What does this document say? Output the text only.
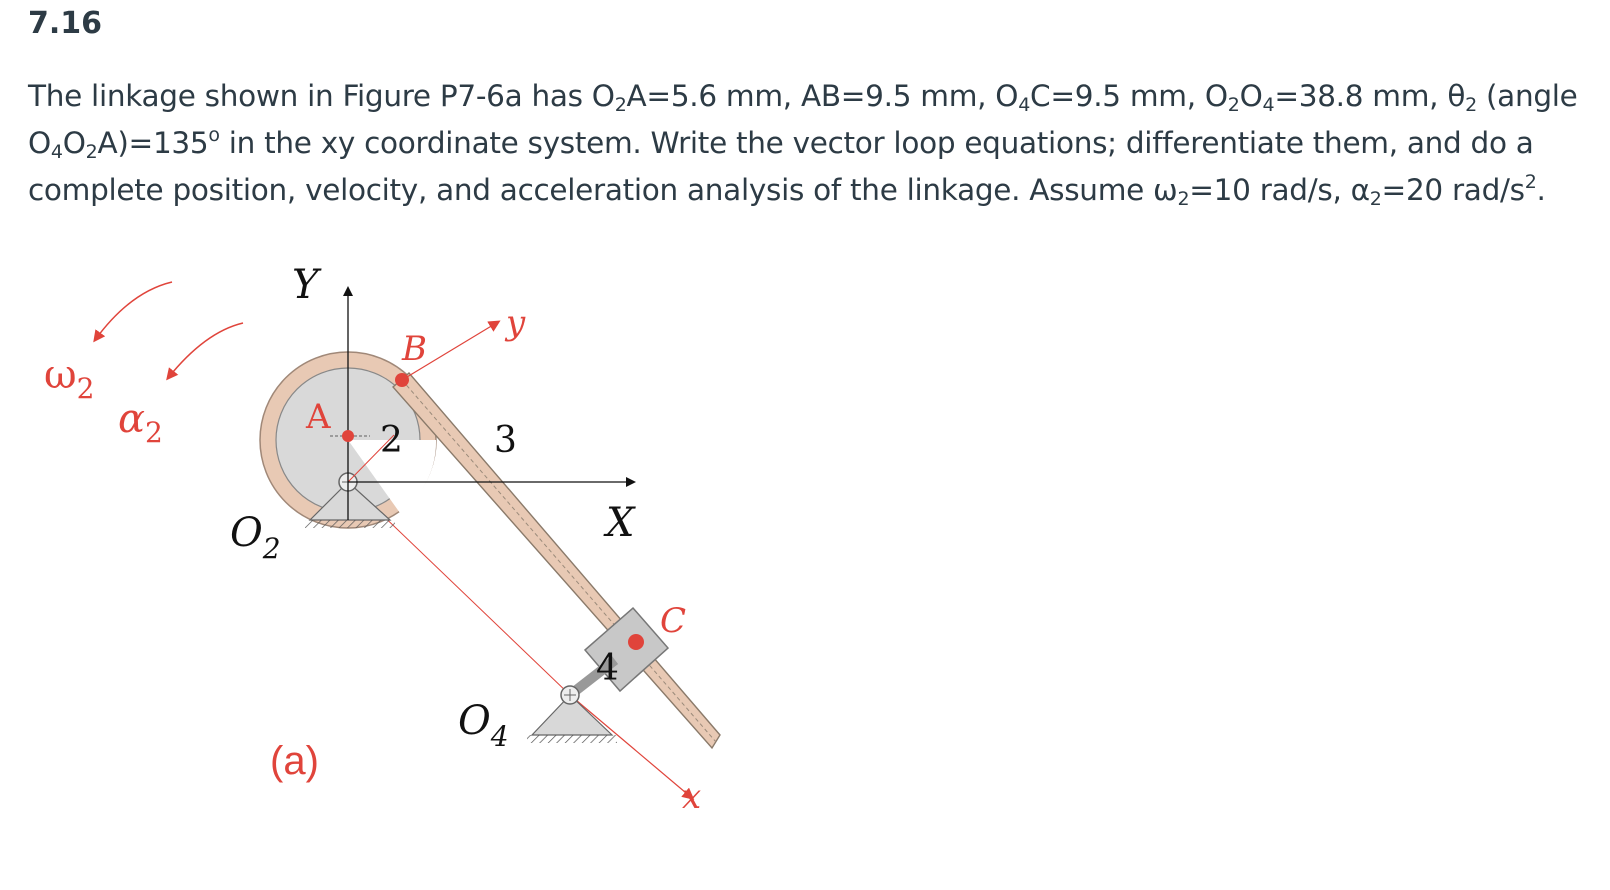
7.16
The linkage shown in Figure P7-6a has $O_2A=5.6$ mm, AB=9.5 mm, $O_4C=9.5$ mm, $O_2O_4=38.8$ mm, $\theta_2$ (angle
$O_4O_2A)=135^o$ in the xy coordinate system. Write the vector loop equations; differentiate them, and do a
complete position, velocity, and acceleration analysis of the linkage. Assume $\omega_2=10$ rad/s, $\alpha_2=20$ rad/$s^2$.
Y
X
y
x
A
B
C
2	3
4
$O_2$
$O_4$
$\omega_2$
$\alpha_2$
(a)
